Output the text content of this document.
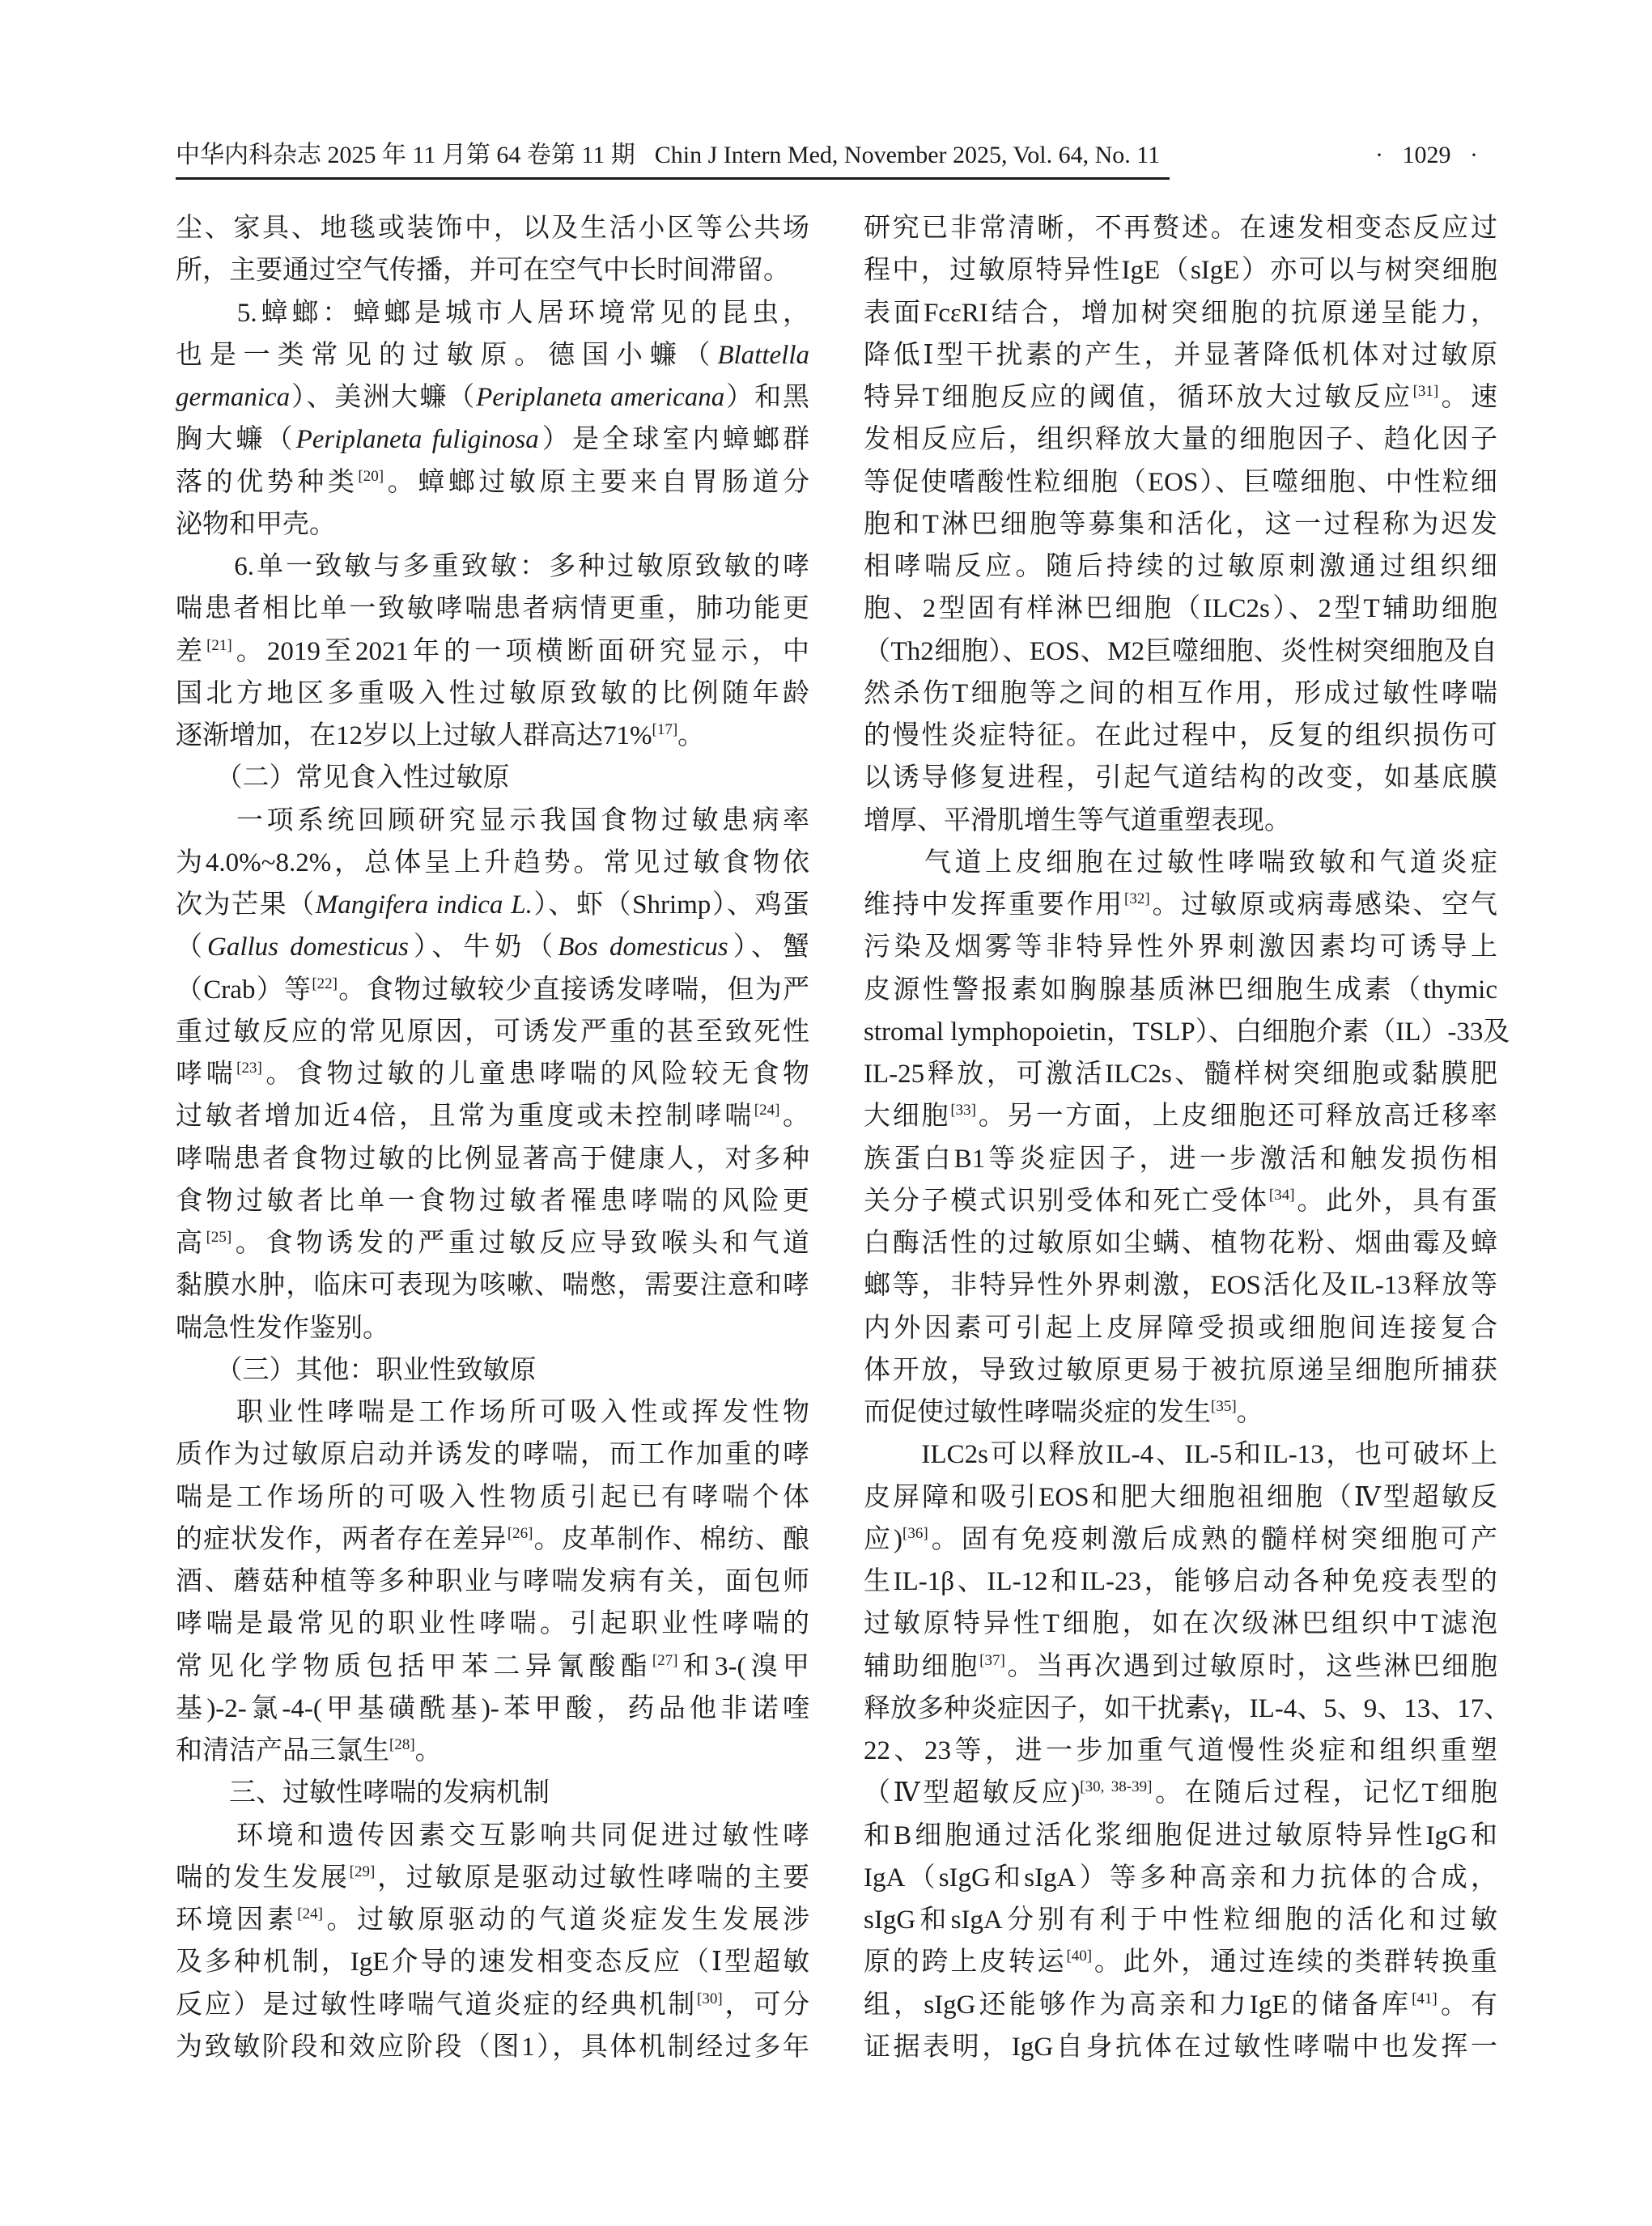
中华内科杂志 2025 年 11 月第 64 卷第 11 期 Chin J Intern Med, November 2025, Vol. 64, No. 11	· 1029 ·
尘、家具、地毯或装饰中，以及生活小区等公共场
所，主要通过空气传播，并可在空气中长时间滞留。
　　5.蟑螂：蟑螂是城市人居环境常见的昆虫，
也是一类常见的过敏原。德国小蠊（Blattella
germanica）、美洲大蠊（Periplaneta americana）和黑
胸大蠊（Periplaneta fuliginosa）是全球室内蟑螂群
落的优势种类[20]。蟑螂过敏原主要来自胃肠道分
泌物和甲壳。
　　6.单一致敏与多重致敏：多种过敏原致敏的哮
喘患者相比单一致敏哮喘患者病情更重，肺功能更
差[21]。2019至2021年的一项横断面研究显示，中
国北方地区多重吸入性过敏原致敏的比例随年龄
逐渐增加，在12岁以上过敏人群高达71%[17]。
　　（二）常见食入性过敏原
　　一项系统回顾研究显示我国食物过敏患病率
为4.0%~8.2%，总体呈上升趋势。常见过敏食物依
次为芒果（Mangifera indica L.）、虾（Shrimp）、鸡蛋
（Gallus domesticus）、牛奶（Bos domesticus）、蟹
（Crab）等[22]。食物过敏较少直接诱发哮喘，但为严
重过敏反应的常见原因，可诱发严重的甚至致死性
哮喘[23]。食物过敏的儿童患哮喘的风险较无食物
过敏者增加近4倍，且常为重度或未控制哮喘[24]。
哮喘患者食物过敏的比例显著高于健康人，对多种
食物过敏者比单一食物过敏者罹患哮喘的风险更
高[25]。食物诱发的严重过敏反应导致喉头和气道
黏膜水肿，临床可表现为咳嗽、喘憋，需要注意和哮
喘急性发作鉴别。
　　（三）其他：职业性致敏原
　　职业性哮喘是工作场所可吸入性或挥发性物
质作为过敏原启动并诱发的哮喘，而工作加重的哮
喘是工作场所的可吸入性物质引起已有哮喘个体
的症状发作，两者存在差异[26]。皮革制作、棉纺、酿
酒、蘑菇种植等多种职业与哮喘发病有关，面包师
哮喘是最常见的职业性哮喘。引起职业性哮喘的
常见化学物质包括甲苯二异氰酸酯[27]和3-(溴甲
基)-2-氯-4-(甲基磺酰基)-苯甲酸，药品他非诺喹
和清洁产品三氯生[28]。
　　三、过敏性哮喘的发病机制
　　环境和遗传因素交互影响共同促进过敏性哮
喘的发生发展[29]，过敏原是驱动过敏性哮喘的主要
环境因素[24]。过敏原驱动的气道炎症发生发展涉
及多种机制，IgE介导的速发相变态反应（Ⅰ型超敏
反应）是过敏性哮喘气道炎症的经典机制[30]，可分
为致敏阶段和效应阶段（图1），具体机制经过多年
研究已非常清晰，不再赘述。在速发相变态反应过
程中，过敏原特异性IgE（sIgE）亦可以与树突细胞
表面FcεRI结合，增加树突细胞的抗原递呈能力，
降低Ⅰ型干扰素的产生，并显著降低机体对过敏原
特异T细胞反应的阈值，循环放大过敏反应[31]。速
发相反应后，组织释放大量的细胞因子、趋化因子
等促使嗜酸性粒细胞（EOS）、巨噬细胞、中性粒细
胞和T淋巴细胞等募集和活化，这一过程称为迟发
相哮喘反应。随后持续的过敏原刺激通过组织细
胞、2型固有样淋巴细胞（ILC2s）、2型T辅助细胞
（Th2细胞）、EOS、M2巨噬细胞、炎性树突细胞及自
然杀伤T细胞等之间的相互作用，形成过敏性哮喘
的慢性炎症特征。在此过程中，反复的组织损伤可
以诱导修复进程，引起气道结构的改变，如基底膜
增厚、平滑肌增生等气道重塑表现。
　　气道上皮细胞在过敏性哮喘致敏和气道炎症
维持中发挥重要作用[32]。过敏原或病毒感染、空气
污染及烟雾等非特异性外界刺激因素均可诱导上
皮源性警报素如胸腺基质淋巴细胞生成素（thymic
stromal lymphopoietin，TSLP）、白细胞介素（IL）-33及
IL-25释放，可激活ILC2s、髓样树突细胞或黏膜肥
大细胞[33]。另一方面，上皮细胞还可释放高迁移率
族蛋白B1等炎症因子，进一步激活和触发损伤相
关分子模式识别受体和死亡受体[34]。此外，具有蛋
白酶活性的过敏原如尘螨、植物花粉、烟曲霉及蟑
螂等，非特异性外界刺激，EOS活化及IL-13释放等
内外因素可引起上皮屏障受损或细胞间连接复合
体开放，导致过敏原更易于被抗原递呈细胞所捕获
而促使过敏性哮喘炎症的发生[35]。
　　ILC2s可以释放IL-4、IL-5和IL-13，也可破坏上
皮屏障和吸引EOS和肥大细胞祖细胞（Ⅳ型超敏反
应)[36]。固有免疫刺激后成熟的髓样树突细胞可产
生IL-1β、IL-12和IL-23，能够启动各种免疫表型的
过敏原特异性T细胞，如在次级淋巴组织中T滤泡
辅助细胞[37]。当再次遇到过敏原时，这些淋巴细胞
释放多种炎症因子，如干扰素γ，IL-4、5、9、13、17、
22、23等，进一步加重气道慢性炎症和组织重塑
（Ⅳ型超敏反应)[30, 38-39]。在随后过程，记忆T细胞
和B细胞通过活化浆细胞促进过敏原特异性IgG和
IgA（sIgG和sIgA）等多种高亲和力抗体的合成，
sIgG和sIgA分别有利于中性粒细胞的活化和过敏
原的跨上皮转运[40]。此外，通过连续的类群转换重
组，sIgG还能够作为高亲和力IgE的储备库[41]。有
证据表明，IgG自身抗体在过敏性哮喘中也发挥一
